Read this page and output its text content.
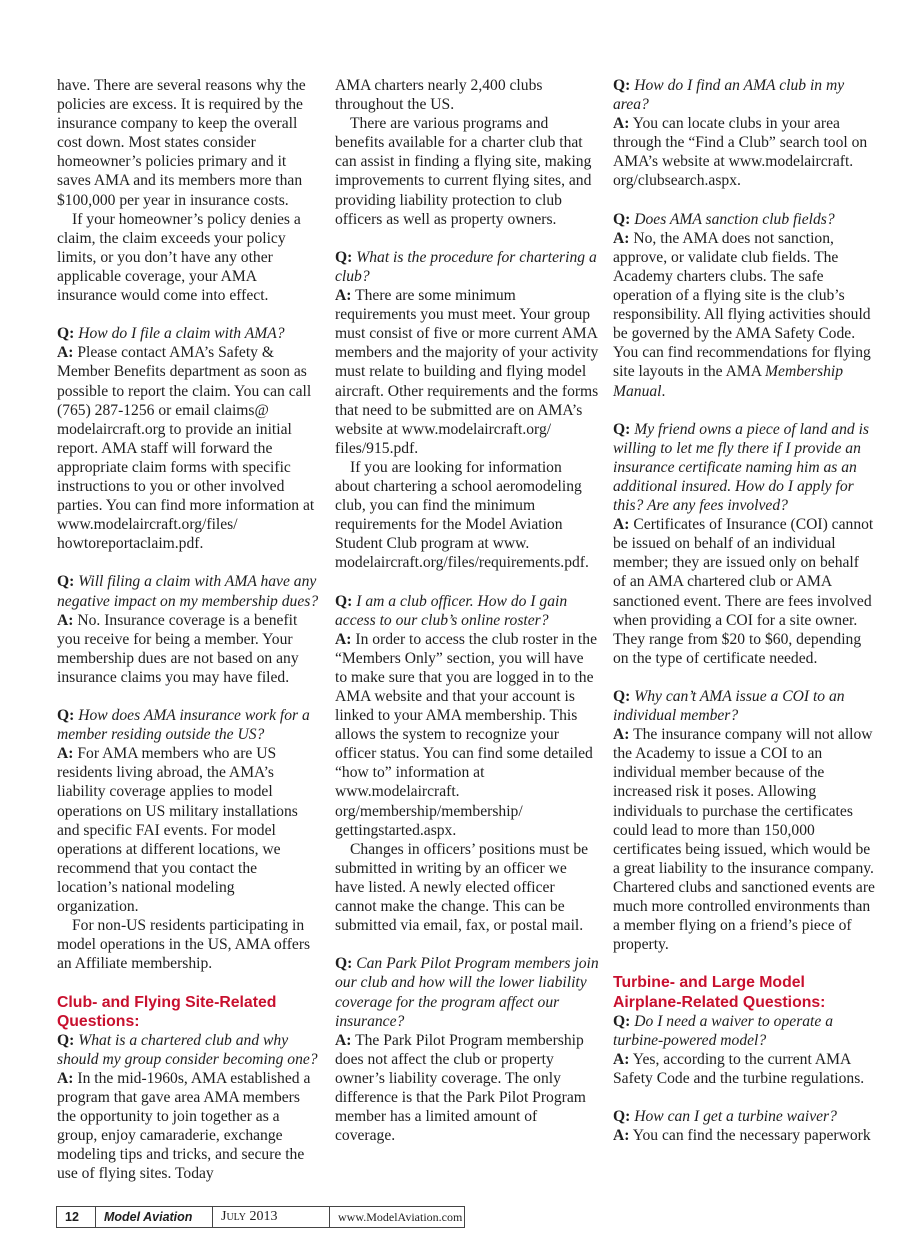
have. There are several reasons why the policies are excess. It is required by the insurance company to keep the overall cost down. Most states consider homeowner’s policies primary and it saves AMA and its members more than $100,000 per year in insurance costs.

If your homeowner’s policy denies a claim, the claim exceeds your policy limits, or you don’t have any other applicable coverage, your AMA insurance would come into effect.

Q: How do I file a claim with AMA?

A: Please contact AMA’s Safety & Member Benefits department as soon as possible to report the claim. You can call (765) 287-1256 or email claims@ modelaircraft.org to provide an initial report. AMA staff will forward the appropriate claim forms with specific instructions to you or other involved parties. You can find more information at www.modelaircraft.org/files/ howtoreportaclaim.pdf.

Q: Will filing a claim with AMA have any negative impact on my membership dues?

A: No. Insurance coverage is a benefit you receive for being a member. Your membership dues are not based on any insurance claims you may have filed.

Q: How does AMA insurance work for a member residing outside the US?

A: For AMA members who are US residents living abroad, the AMA’s liability coverage applies to model operations on US military installations and specific FAI events. For model operations at different locations, we recommend that you contact the location’s national modeling organization.

For non-US residents participating in model operations in the US, AMA offers an Affiliate membership.

Club- and Flying Site-Related Questions:

Q: What is a chartered club and why should my group consider becoming one?

A: In the mid-1960s, AMA established a program that gave area AMA members the opportunity to join together as a group, enjoy camaraderie, exchange modeling tips and tricks, and secure the use of flying sites. Today

AMA charters nearly 2,400 clubs throughout the US.

There are various programs and benefits available for a charter club that can assist in finding a flying site, making improvements to current flying sites, and providing liability protection to club officers as well as property owners.

Q: What is the procedure for chartering a club?

A: There are some minimum requirements you must meet. Your group must consist of five or more current AMA members and the majority of your activity must relate to building and flying model aircraft. Other requirements and the forms that need to be submitted are on AMA’s website at www.modelaircraft.org/ files/915.pdf.

If you are looking for information about chartering a school aeromodeling club, you can find the minimum requirements for the Model Aviation Student Club program at www. modelaircraft.org/files/requirements.pdf.

Q: I am a club officer. How do I gain access to our club’s online roster?

A: In order to access the club roster in the “Members Only” section, you will have to make sure that you are logged in to the AMA website and that your account is linked to your AMA membership. This allows the system to recognize your officer status. You can find some detailed “how to” information at www.modelaircraft. org/membership/membership/ gettingstarted.aspx.

Changes in officers’ positions must be submitted in writing by an officer we have listed. A newly elected officer cannot make the change. This can be submitted via email, fax, or postal mail.

Q: Can Park Pilot Program members join our club and how will the lower liability coverage for the program affect our insurance?

A: The Park Pilot Program membership does not affect the club or property owner’s liability coverage. The only difference is that the Park Pilot Program member has a limited amount of coverage.

Q: How do I find an AMA club in my area?

A: You can locate clubs in your area through the “Find a Club” search tool on AMA’s website at www.modelaircraft. org/clubsearch.aspx.

Q: Does AMA sanction club fields?

A: No, the AMA does not sanction, approve, or validate club fields. The Academy charters clubs. The safe operation of a flying site is the club’s responsibility. All flying activities should be governed by the AMA Safety Code. You can find recommendations for flying site layouts in the AMA Membership Manual.

Q: My friend owns a piece of land and is willing to let me fly there if I provide an insurance certificate naming him as an additional insured. How do I apply for this? Are any fees involved?

A: Certificates of Insurance (COI) cannot be issued on behalf of an individual member; they are issued only on behalf of an AMA chartered club or AMA sanctioned event. There are fees involved when providing a COI for a site owner. They range from $20 to $60, depending on the type of certificate needed.

Q: Why can’t AMA issue a COI to an individual member?

A: The insurance company will not allow the Academy to issue a COI to an individual member because of the increased risk it poses. Allowing individuals to purchase the certificates could lead to more than 150,000 certificates being issued, which would be a great liability to the insurance company. Chartered clubs and sanctioned events are much more controlled environments than a member flying on a friend’s piece of property.

Turbine- and Large Model Airplane-Related Questions:

Q: Do I need a waiver to operate a turbine-powered model?

A: Yes, according to the current AMA Safety Code and the turbine regulations.

Q: How can I get a turbine waiver?

A: You can find the necessary paperwork

12	Model Aviation	July 2013	www.ModelAviation.com
